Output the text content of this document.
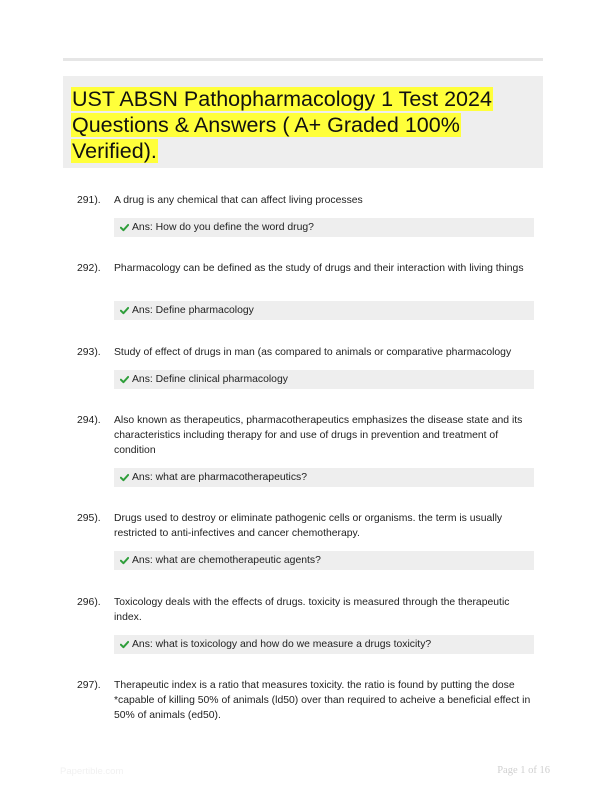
UST ABSN Pathopharmacology 1 Test 2024 Questions & Answers ( A+ Graded 100% Verified).
291). A drug is any chemical that can affect living processes
Ans: How do you define the word drug?
292). Pharmacology can be defined as the study of drugs and their interaction with living things
Ans: Define pharmacology
293). Study of effect of drugs in man (as compared to animals or comparative pharmacology
Ans: Define clinical pharmacology
294). Also known as therapeutics, pharmacotherapeutics emphasizes the disease state and its characteristics including therapy for and use of drugs in prevention and treatment of condition
Ans: what are pharmacotherapeutics?
295). Drugs used to destroy or eliminate pathogenic cells or organisms. the term is usually restricted to anti-infectives and cancer chemotherapy.
Ans: what are chemotherapeutic agents?
296). Toxicology deals with the effects of drugs. toxicity is measured through the therapeutic index.
Ans: what is toxicology and how do we measure a drugs toxicity?
297). Therapeutic index is a ratio that measures toxicity. the ratio is found by putting the dose *capable of killing 50% of animals (ld50) over than required to acheive a beneficial effect in 50% of animals (ed50).
Papertible.com	Page 1 of 16
